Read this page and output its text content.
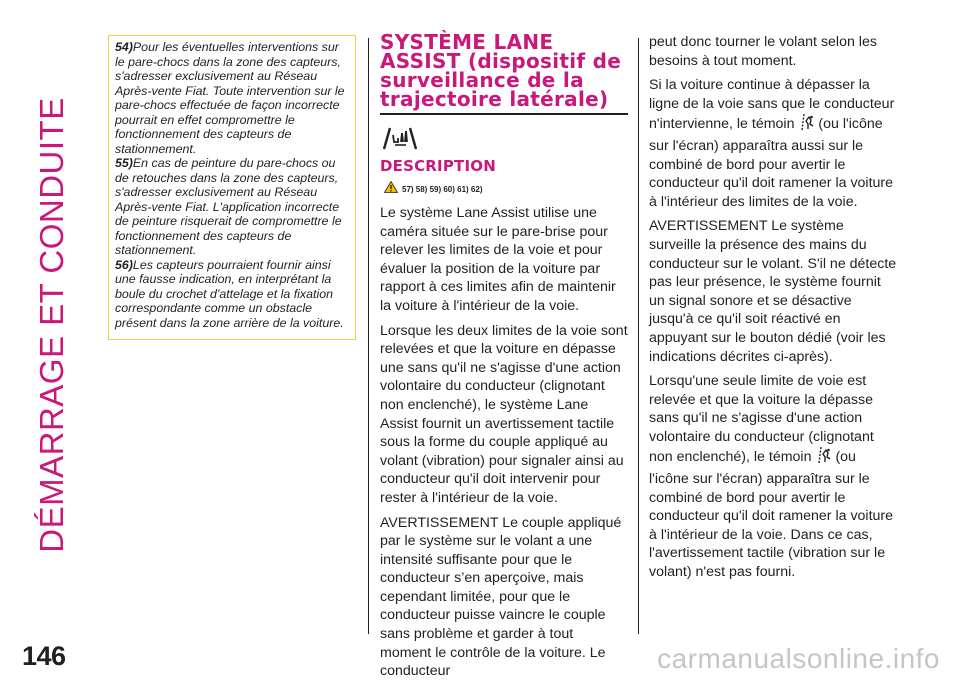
DÉMARRAGE ET CONDUITE
146	carmanualsonline.info
54)Pour les éventuelles interventions sur le pare-chocs dans la zone des capteurs, s'adresser exclusivement au Réseau Après-vente Fiat. Toute intervention sur le pare-chocs effectuée de façon incorrecte pourrait en effet compromettre le fonctionnement des capteurs de stationnement.
55)En cas de peinture du pare-chocs ou de retouches dans la zone des capteurs, s'adresser exclusivement au Réseau Après-vente Fiat. L'application incorrecte de peinture risquerait de compromettre le fonctionnement des capteurs de stationnement.
56)Les capteurs pourraient fournir ainsi une fausse indication, en interprétant la boule du crochet d'attelage et la fixation correspondante comme un obstacle présent dans la zone arrière de la voiture.
SYSTÈME LANE ASSIST (dispositif de surveillance de la trajectoire latérale)
DESCRIPTION
57) 58) 59) 60) 61) 62)

Le système Lane Assist utilise une caméra située sur le pare-brise pour relever les limites de la voie et pour évaluer la position de la voiture par rapport à ces limites afin de maintenir la voiture à l'intérieur de la voie.

Lorsque les deux limites de la voie sont relevées et que la voiture en dépasse une sans qu'il ne s'agisse d'une action volontaire du conducteur (clignotant non enclenché), le système Lane Assist fournit un avertissement tactile sous la forme du couple appliqué au volant (vibration) pour signaler ainsi au conducteur qu'il doit intervenir pour rester à l'intérieur de la voie.

AVERTISSEMENT Le couple appliqué par le système sur le volant a une intensité suffisante pour que le conducteur s’en aperçoive, mais cependant limitée, pour que le conducteur puisse vaincre le couple sans problème et garder à tout moment le contrôle de la voiture. Le conducteur

peut donc tourner le volant selon les besoins à tout moment.

Si la voiture continue à dépasser la ligne de la voie sans que le conducteur n'intervienne, le témoin (ou l'icône sur l'écran) apparaîtra aussi sur le combiné de bord pour avertir le conducteur qu'il doit ramener la voiture à l'intérieur des limites de la voie.

AVERTISSEMENT Le système surveille la présence des mains du conducteur sur le volant. S'il ne détecte pas leur présence, le système fournit un signal sonore et se désactive jusqu'à ce qu'il soit réactivé en appuyant sur le bouton dédié (voir les indications décrites ci-après).

Lorsqu'une seule limite de voie est relevée et que la voiture la dépasse sans qu'il ne s'agisse d'une action volontaire du conducteur (clignotant non enclenché), le témoin (ou l'icône sur l'écran) apparaîtra sur le combiné de bord pour avertir le conducteur qu'il doit ramener la voiture à l'intérieur de la voie. Dans ce cas, l'avertissement tactile (vibration sur le volant) n'est pas fourni.
